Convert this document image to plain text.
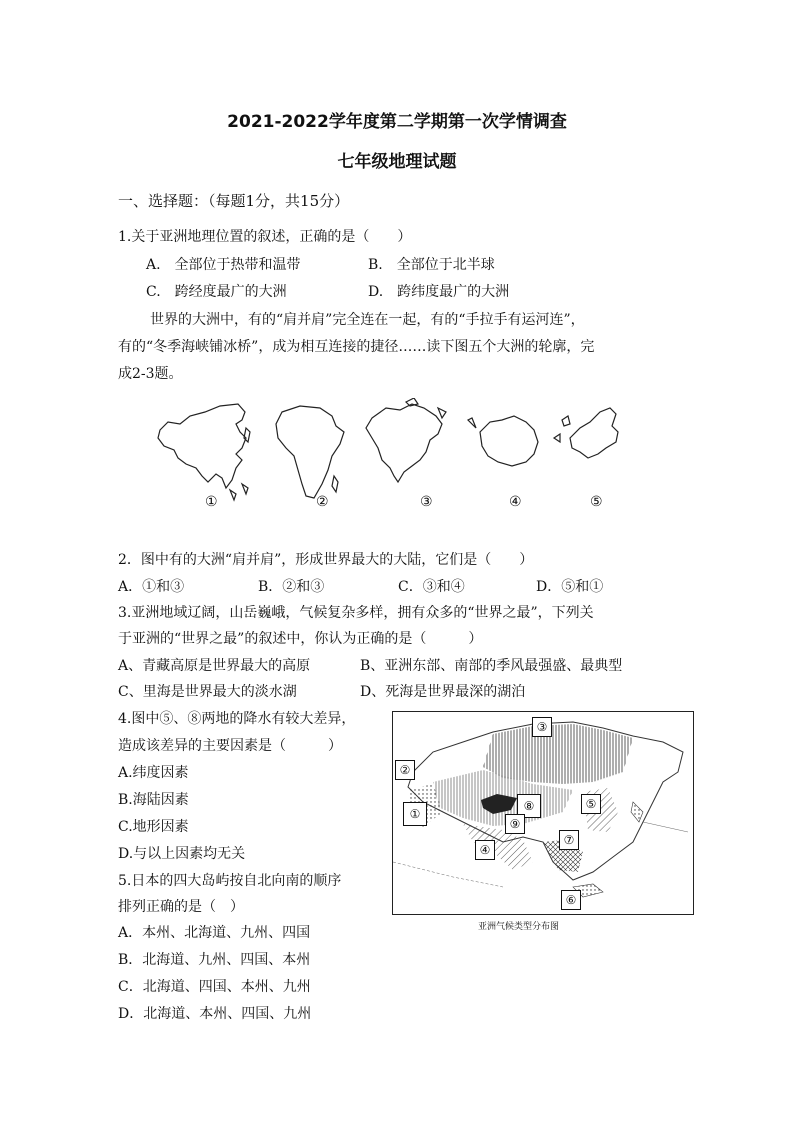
2021-2022学年度第二学期第一次学情调查
七年级地理试题
一、选择题：（每题1分，共15分）
1.关于亚洲地理位置的叙述，正确的是（　　）
A.　全部位于热带和温带	B.　全部位于北半球
C.　跨经度最广的大洲	D.　跨纬度最广的大洲
世界的大洲中，有的“肩并肩”完全连在一起，有的“手拉手有运河连”，
有的“冬季海峡铺冰桥”，成为相互连接的捷径……读下图五个大洲的轮廓，完
成2-3题。
①	②	③	④	⑤
2．图中有的大洲“肩并肩”，形成世界最大的大陆，它们是（　　）
A．①和③	B．②和③	C．③和④	D．⑤和①
3.亚洲地域辽阔，山岳巍峨，气候复杂多样，拥有众多的“世界之最”，下列关
于亚洲的“世界之最”的叙述中，你认为正确的是（　　　）
A、青藏高原是世界最大的高原	B、亚洲东部、南部的季风最强盛、最典型
C、里海是世界最大的淡水湖	D、死海是世界最深的湖泊
4.图中⑤、⑧两地的降水有较大差异，
造成该差异的主要因素是（　　　）
A.纬度因素
B.海陆因素
C.地形因素
D.与以上因素均无关
5.日本的四大岛屿按自北向南的顺序
排列正确的是（　）
A．本州、北海道、九州、四国
B．北海道、九州、四国、本州
C．北海道、四国、本州、九州
D．北海道、本州、四国、九州
③
②
⑧	⑤
①
⑨
⑦
④
⑥
亚洲气候类型分布图
